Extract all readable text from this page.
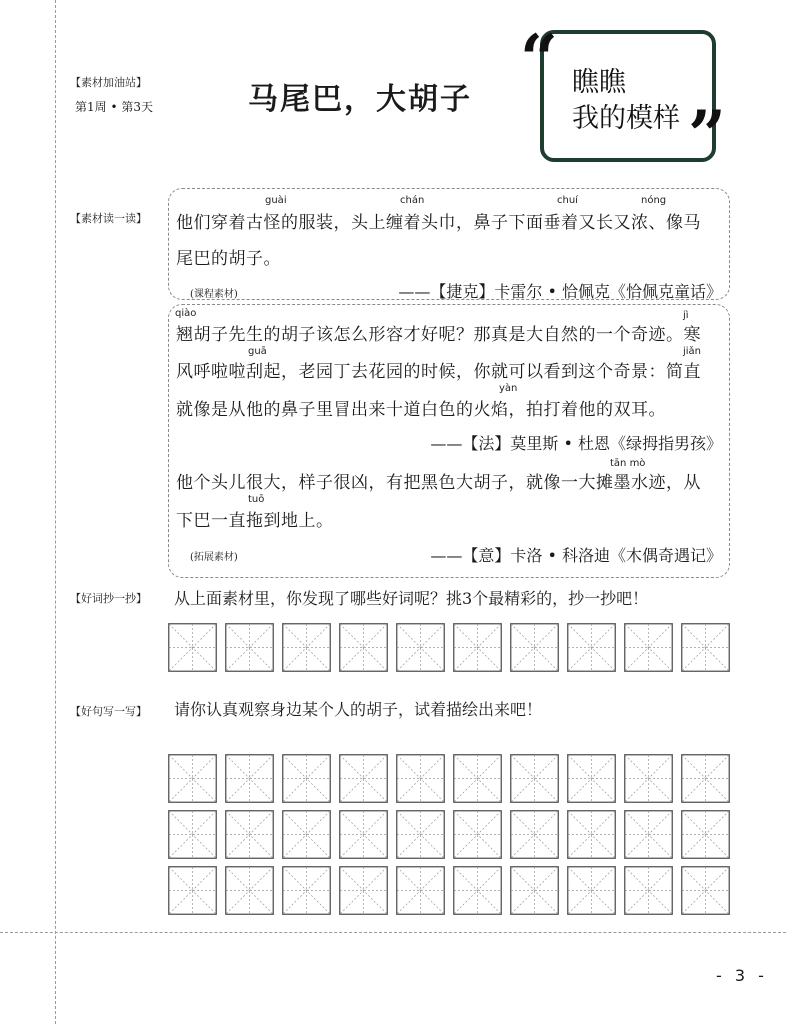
【素材加油站】
第1周 • 第3天	马尾巴，大胡子	瞧瞧
我的模样
“
”
【素材读一读】
guài	chán	chuí	nóng
他们穿着古怪的服装，头上缠着头巾，鼻子下面垂着又长又浓、像马
尾巴的胡子。
(课程素材)	——【捷克】卡雷尔 • 恰佩克《恰佩克童话》
qiào	jì
翘胡子先生的胡子该怎么形容才好呢？那真是大自然的一个奇迹。寒
guā	jiǎn
风呼啦啦刮起，老园丁去花园的时候，你就可以看到这个奇景：简直
yàn
就像是从他的鼻子里冒出来十道白色的火焰，拍打着他的双耳。
——【法】莫里斯 • 杜恩《绿拇指男孩》
他个头儿很大，样子很凶，有把黑色大胡子，就像一大摊墨水迹，从
tān mò
tuō
下巴一直拖到地上。
(拓展素材)	——【意】卡洛 • 科洛迪《木偶奇遇记》
【好词抄一抄】 从上面素材里，你发现了哪些好词呢？挑3个最精彩的，抄一抄吧！
【好句写一写】 请你认真观察身边某个人的胡子，试着描绘出来吧！
- 3 -
